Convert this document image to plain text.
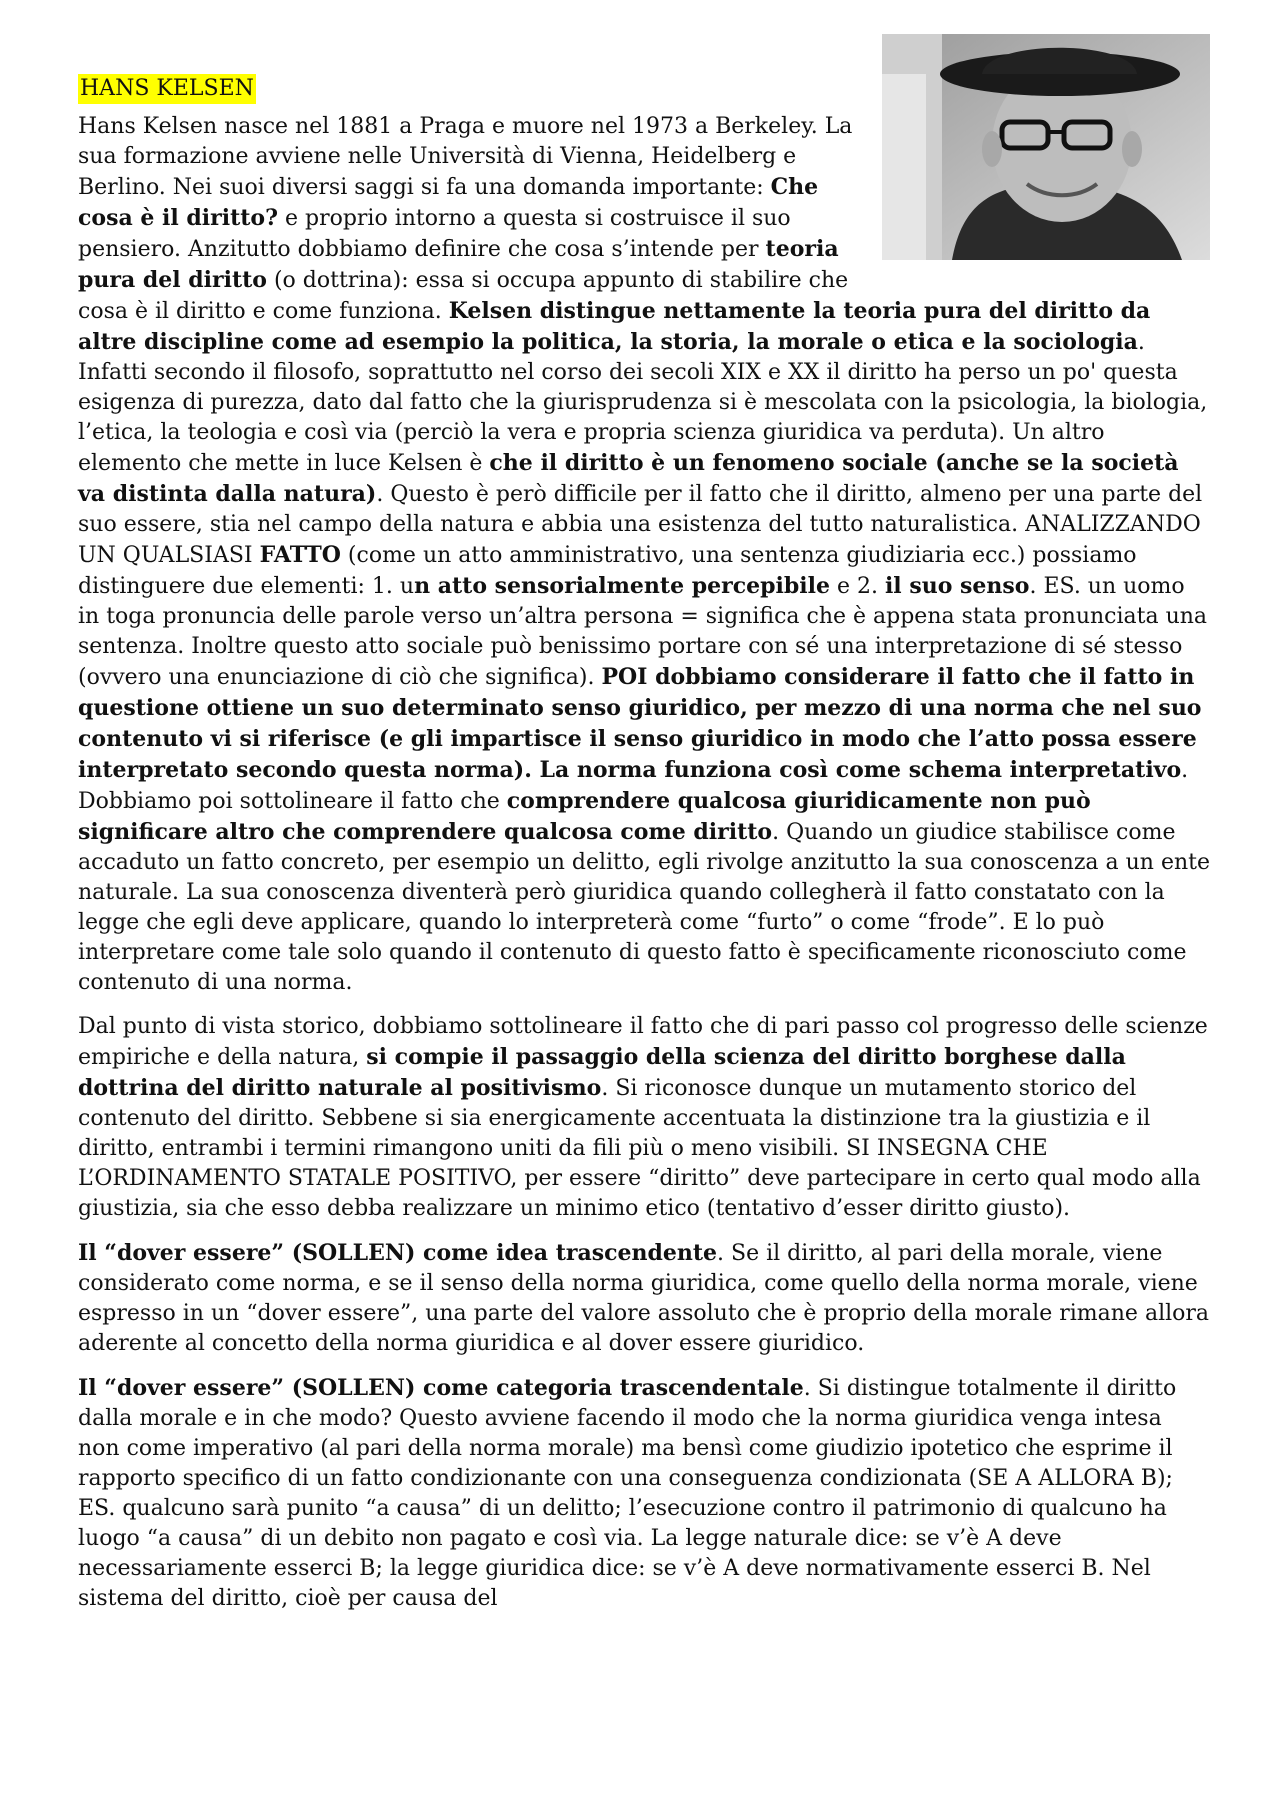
HANS KELSEN

Hans Kelsen nasce nel 1881 a Praga e muore nel 1973 a Berkeley. La sua formazione avviene nelle Università di Vienna, Heidelberg e Berlino. Nei suoi diversi saggi si fa una domanda importante: Che cosa è il diritto? e proprio intorno a questa si costruisce il suo pensiero. Anzitutto dobbiamo definire che cosa s’intende per teoria pura del diritto (o dottrina): essa si occupa appunto di stabilire che cosa è il diritto e come funziona. Kelsen distingue nettamente la teoria pura del diritto da altre discipline come ad esempio la politica, la storia, la morale o etica e la sociologia. Infatti secondo il filosofo, soprattutto nel corso dei secoli XIX e XX il diritto ha perso un po' questa esigenza di purezza, dato dal fatto che la giurisprudenza si è mescolata con la psicologia, la biologia, l’etica, la teologia e così via (perciò la vera e propria scienza giuridica va perduta). Un altro elemento che mette in luce Kelsen è che il diritto è un fenomeno sociale (anche se la società va distinta dalla natura). Questo è però difficile per il fatto che il diritto, almeno per una parte del suo essere, stia nel campo della natura e abbia una esistenza del tutto naturalistica. ANALIZZANDO UN QUALSIASI FATTO (come un atto amministrativo, una sentenza giudiziaria ecc.) possiamo distinguere due elementi: 1. un atto sensorialmente percepibile e 2. il suo senso. ES. un uomo in toga pronuncia delle parole verso un’altra persona = significa che è appena stata pronunciata una sentenza. Inoltre questo atto sociale può benissimo portare con sé una interpretazione di sé stesso (ovvero una enunciazione di ciò che significa). POI dobbiamo considerare il fatto che il fatto in questione ottiene un suo determinato senso giuridico, per mezzo di una norma che nel suo contenuto vi si riferisce (e gli impartisce il senso giuridico in modo che l’atto possa essere interpretato secondo questa norma). La norma funziona così come schema interpretativo. Dobbiamo poi sottolineare il fatto che comprendere qualcosa giuridicamente non può significare altro che comprendere qualcosa come diritto. Quando un giudice stabilisce come accaduto un fatto concreto, per esempio un delitto, egli rivolge anzitutto la sua conoscenza a un ente naturale. La sua conoscenza diventerà però giuridica quando collegherà il fatto constatato con la legge che egli deve applicare, quando lo interpreterà come “furto” o come “frode”. E lo può interpretare come tale solo quando il contenuto di questo fatto è specificamente riconosciuto come contenuto di una norma.

Dal punto di vista storico, dobbiamo sottolineare il fatto che di pari passo col progresso delle scienze empiriche e della natura, si compie il passaggio della scienza del diritto borghese dalla dottrina del diritto naturale al positivismo. Si riconosce dunque un mutamento storico del contenuto del diritto. Sebbene si sia energicamente accentuata la distinzione tra la giustizia e il diritto, entrambi i termini rimangono uniti da fili più o meno visibili. SI INSEGNA CHE L’ORDINAMENTO STATALE POSITIVO, per essere “diritto” deve partecipare in certo qual modo alla giustizia, sia che esso debba realizzare un minimo etico (tentativo d’esser diritto giusto).

Il “dover essere” (SOLLEN) come idea trascendente. Se il diritto, al pari della morale, viene considerato come norma, e se il senso della norma giuridica, come quello della norma morale, viene espresso in un “dover essere”, una parte del valore assoluto che è proprio della morale rimane allora aderente al concetto della norma giuridica e al dover essere giuridico.

Il “dover essere” (SOLLEN) come categoria trascendentale. Si distingue totalmente il diritto dalla morale e in che modo? Questo avviene facendo il modo che la norma giuridica venga intesa non come imperativo (al pari della norma morale) ma bensì come giudizio ipotetico che esprime il rapporto specifico di un fatto condizionante con una conseguenza condizionata (SE A ALLORA B); ES. qualcuno sarà punito “a causa” di un delitto; l’esecuzione contro il patrimonio di qualcuno ha luogo “a causa” di un debito non pagato e così via. La legge naturale dice: se v’è A deve necessariamente esserci B; la legge giuridica dice: se v’è A deve normativamente esserci B. Nel sistema del diritto, cioè per causa del
